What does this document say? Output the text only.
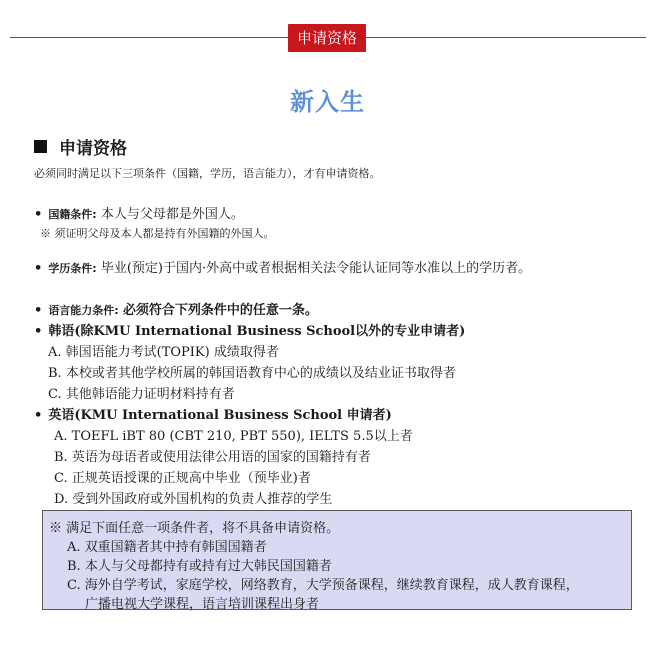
申请资格
新入生
申请资格
必须同时满足以下三项条件（国籍，学历，语言能力），才有申请资格。
• 国籍条件: 本人与父母都是外国人。
※ 须证明父母及本人都是持有外国籍的外国人。
• 学历条件: 毕业(预定)于国内·外高中或者根据相关法令能认证同等水准以上的学历者。
• 语言能力条件: 必须符合下列条件中的任意一条。
• 韩语(除KMU International Business School以外的专业申请者)
A. 韩国语能力考试(TOPIK) 成绩取得者
B. 本校或者其他学校所属的韩国语教育中心的成绩以及结业证书取得者
C. 其他韩语能力证明材料持有者
• 英语(KMU International Business School 申请者)
A. TOEFL iBT 80 (CBT 210, PBT 550), IELTS 5.5以上者
B. 英语为母语者或使用法律公用语的国家的国籍持有者
C. 正规英语授课的正规高中毕业（预毕业)者
D. 受到外国政府或外国机构的负责人推荐的学生
※ 满足下面任意一项条件者，将不具备申请资格。
A. 双重国籍者其中持有韩国国籍者
B. 本人与父母都持有或持有过大韩民国国籍者
C. 海外自学考试，家庭学校，网络教育，大学预备课程，继续教育课程，成人教育课程，
广播电视大学课程，语言培训课程出身者
